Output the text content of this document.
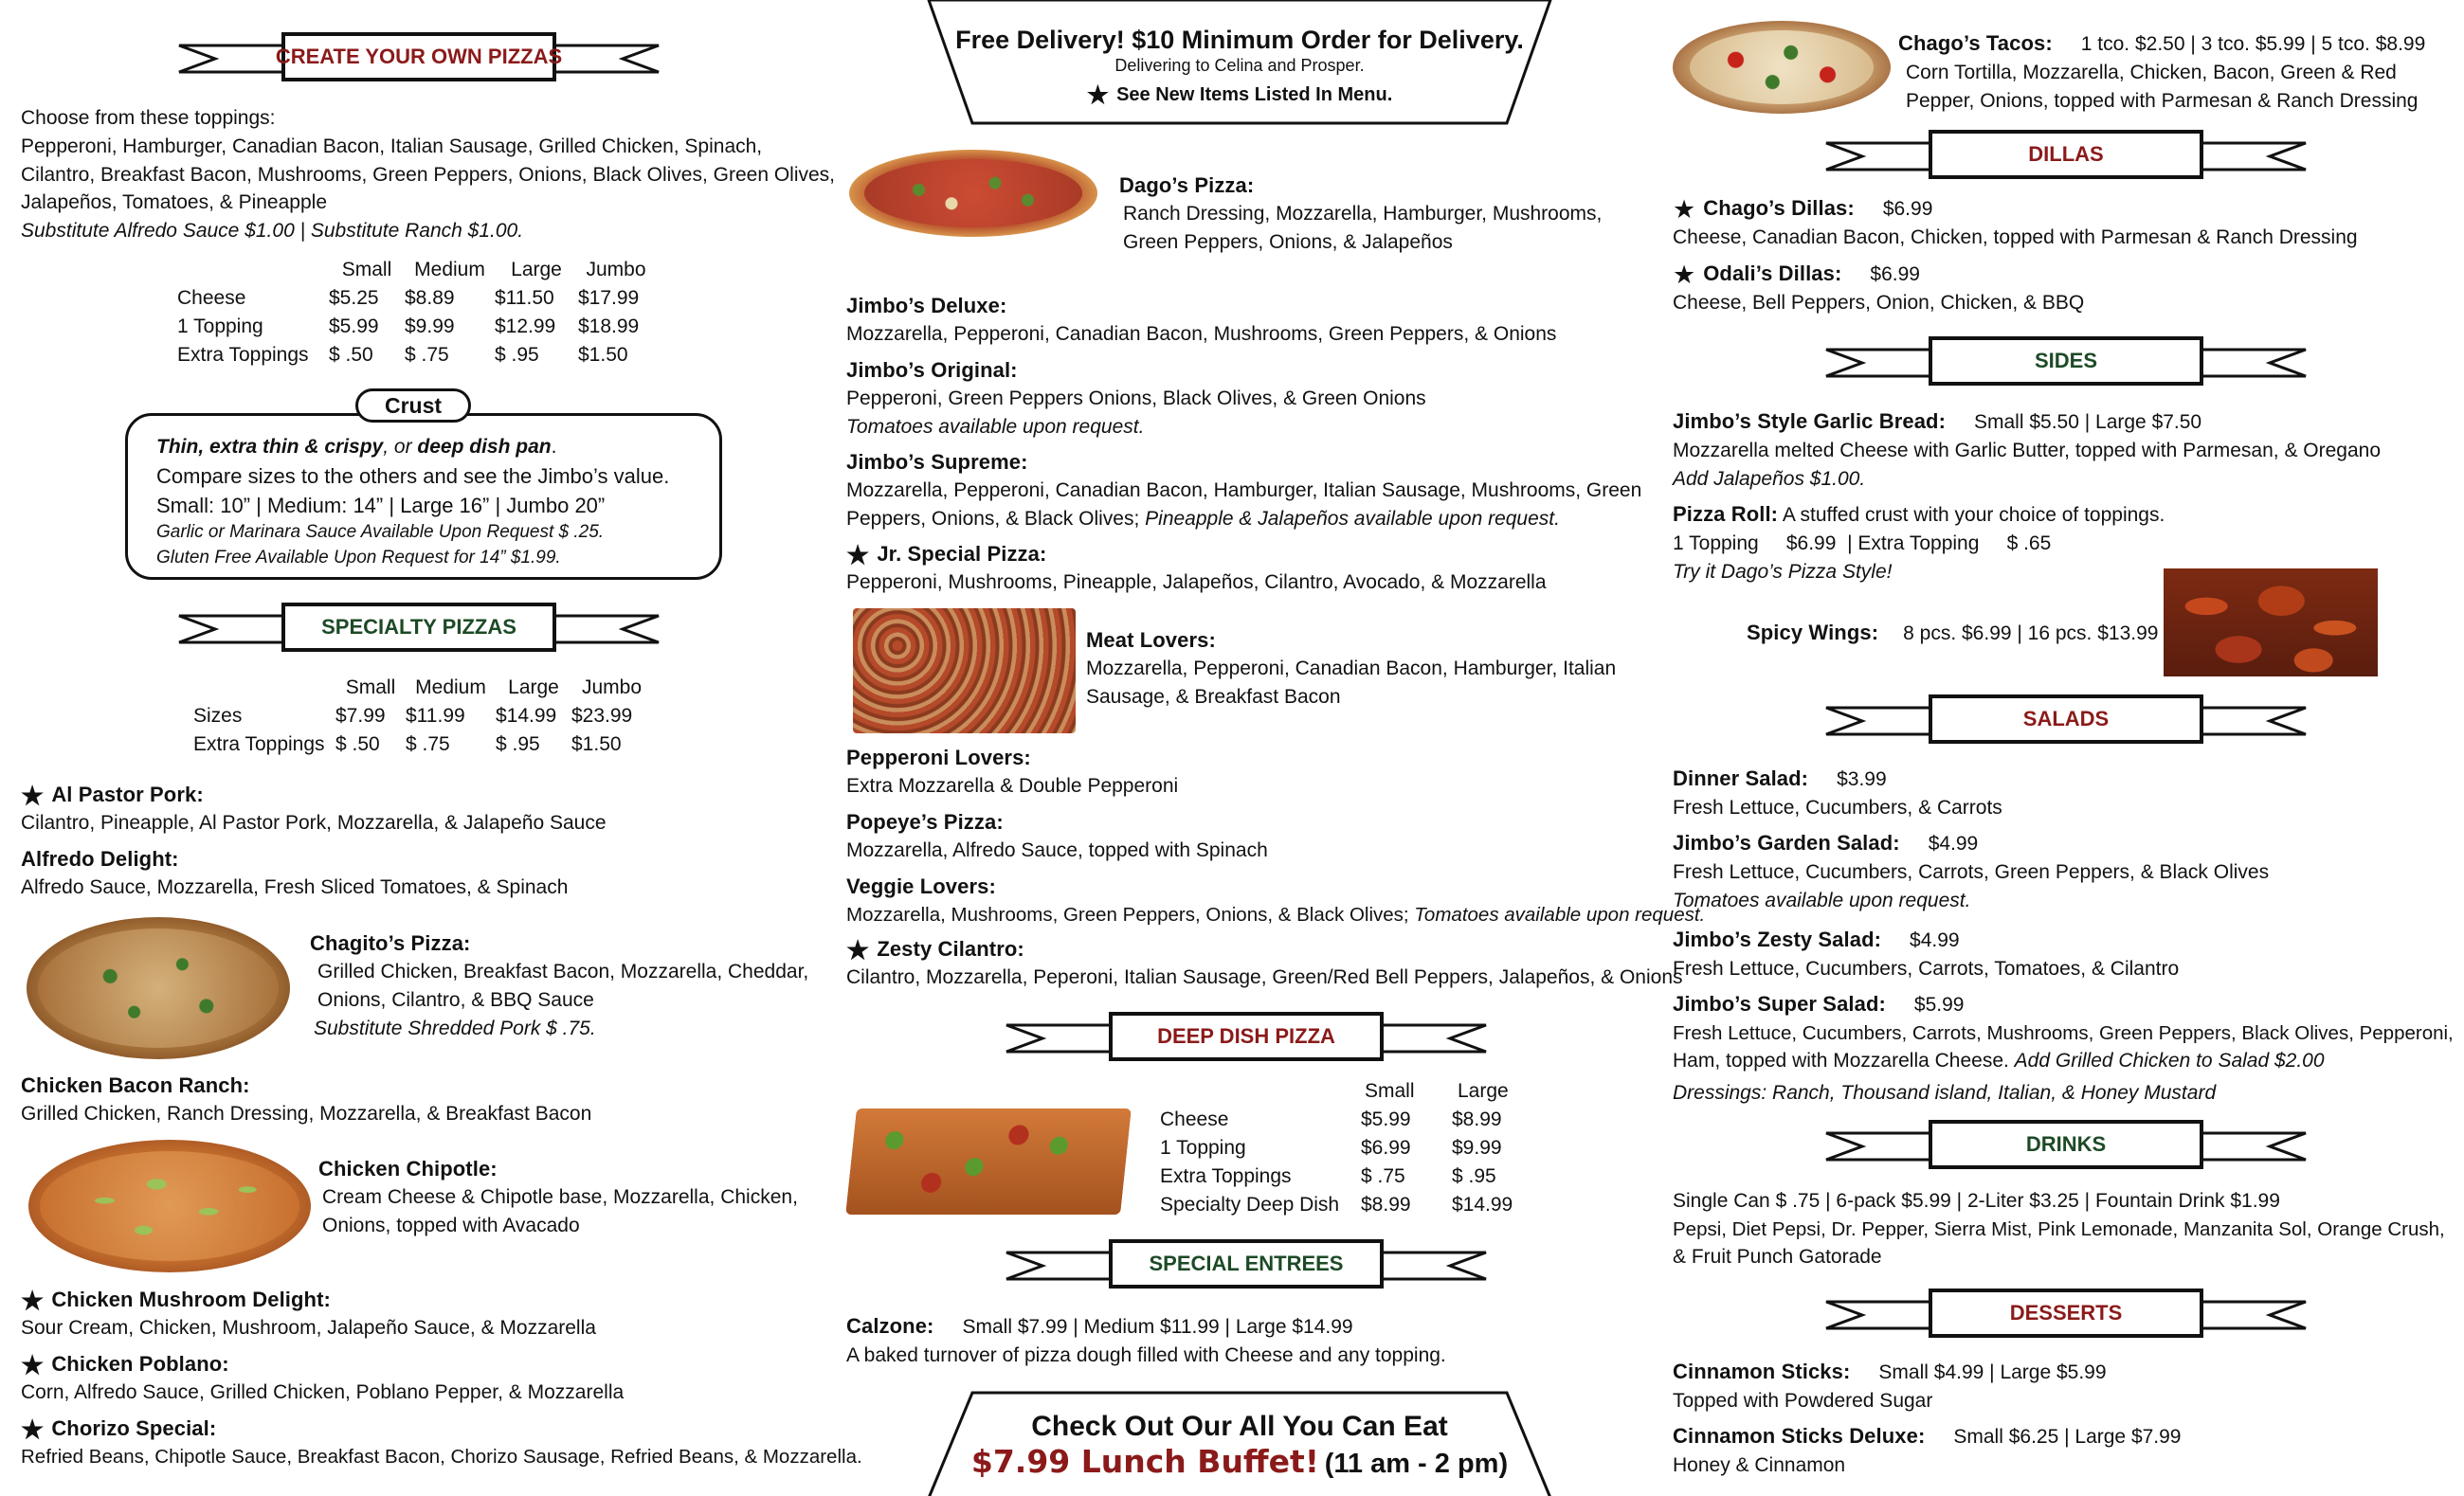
CREATE YOUR OWN PIZZAS
Choose from these toppings:
Pepperoni, Hamburger, Canadian Bacon, Italian Sausage, Grilled Chicken, Spinach,
Cilantro, Breakfast Bacon, Mushrooms, Green Peppers, Onions, Black Olives, Green Olives,
Jalapeños, Tomatoes, & Pineapple
Substitute Alfredo Sauce $1.00 | Substitute Ranch $1.00.
	Small	Medium	Large	Jumbo
Cheese	$5.25	$8.89	$11.50	$17.99
1 Topping	$5.99	$9.99	$12.99	$18.99
Extra Toppings	$ .50	$ .75	$ .95	$1.50
Thin, extra thin & crispy, or deep dish pan.
Compare sizes to the others and see the Jimbo’s value.
Small: 10” | Medium: 14” | Large 16” | Jumbo 20”
Garlic or Marinara Sauce Available Upon Request $ .25.
Gluten Free Available Upon Request for 14” $1.99.
Crust
SPECIALTY PIZZAS
	Small	Medium	Large	Jumbo
Sizes	$7.99	$11.99	$14.99	$23.99
Extra Toppings	$ .50	$ .75	$ .95	$1.50
★ Al Pastor Pork:
Cilantro, Pineapple, Al Pastor Pork, Mozzarella, & Jalapeño Sauce
Alfredo Delight:
Alfredo Sauce, Mozzarella, Fresh Sliced Tomatoes, & Spinach
Chagito’s Pizza:
Grilled Chicken, Breakfast Bacon, Mozzarella, Cheddar,
Onions, Cilantro, & BBQ Sauce
Substitute Shredded Pork $ .75.
Chicken Bacon Ranch:
Grilled Chicken, Ranch Dressing, Mozzarella, & Breakfast Bacon
Chicken Chipotle:
Cream Cheese & Chipotle base, Mozzarella, Chicken,
Onions, topped with Avacado
★ Chicken Mushroom Delight:
Sour Cream, Chicken, Mushroom, Jalapeño Sauce, & Mozzarella
★ Chicken Poblano:
Corn, Alfredo Sauce, Grilled Chicken, Poblano Pepper, & Mozzarella
★ Chorizo Special:
Refried Beans, Chipotle Sauce, Breakfast Bacon, Chorizo Sausage, Refried Beans, & Mozzarella.
Free Delivery! $10 Minimum Order for Delivery.
Delivering to Celina and Prosper.
★ See New Items Listed In Menu.
Dago’s Pizza:
Ranch Dressing, Mozzarella, Hamburger, Mushrooms,
Green Peppers, Onions, & Jalapeños
Jimbo’s Deluxe:
Mozzarella, Pepperoni, Canadian Bacon, Mushrooms, Green Peppers, & Onions
Jimbo’s Original:
Pepperoni, Green Peppers Onions, Black Olives, & Green Onions
Tomatoes available upon request.
Jimbo’s Supreme:
Mozzarella, Pepperoni, Canadian Bacon, Hamburger, Italian Sausage, Mushrooms, Green
Peppers, Onions, & Black Olives; Pineapple & Jalapeños available upon request.
★ Jr. Special Pizza:
Pepperoni, Mushrooms, Pineapple, Jalapeños, Cilantro, Avocado, & Mozzarella
Meat Lovers:
Mozzarella, Pepperoni, Canadian Bacon, Hamburger, Italian
Sausage, & Breakfast Bacon
Pepperoni Lovers:
Extra Mozzarella & Double Pepperoni
Popeye’s Pizza:
Mozzarella, Alfredo Sauce, topped with Spinach
Veggie Lovers:
Mozzarella, Mushrooms, Green Peppers, Onions, & Black Olives; Tomatoes available upon request.
★ Zesty Cilantro:
Cilantro, Mozzarella, Peperoni, Italian Sausage, Green/Red Bell Peppers, Jalapeños, & Onions
DEEP DISH PIZZA
	Small	Large
Cheese	$5.99	$8.99
1 Topping	$6.99	$9.99
Extra Toppings	$ .75	$ .95
Specialty Deep Dish	$8.99	$14.99
SPECIAL ENTREES
Calzone: Small $7.99 | Medium $11.99 | Large $14.99
A baked turnover of pizza dough filled with Cheese and any topping.
Check Out Our All You Can Eat
$7.99 Lunch Buffet! (11 am - 2 pm)
Chago’s Tacos: 1 tco. $2.50 | 3 tco. $5.99 | 5 tco. $8.99
Corn Tortilla, Mozzarella, Chicken, Bacon, Green & Red
Pepper, Onions, topped with Parmesan & Ranch Dressing
DILLAS
★ Chago’s Dillas: $6.99
Cheese, Canadian Bacon, Chicken, topped with Parmesan & Ranch Dressing
★ Odali’s Dillas: $6.99
Cheese, Bell Peppers, Onion, Chicken, & BBQ
SIDES
Jimbo’s Style Garlic Bread: Small $5.50 | Large $7.50
Mozzarella melted Cheese with Garlic Butter, topped with Parmesan, & Oregano
Add Jalapeños $1.00.
Pizza Roll: A stuffed crust with your choice of toppings.
1 Topping     $6.99  | Extra Topping     $ .65
Try it Dago’s Pizza Style!
Spicy Wings: 8 pcs. $6.99 | 16 pcs. $13.99
SALADS
Dinner Salad: $3.99
Fresh Lettuce, Cucumbers, & Carrots
Jimbo’s Garden Salad: $4.99
Fresh Lettuce, Cucumbers, Carrots, Green Peppers, & Black Olives
Tomatoes available upon request.
Jimbo’s Zesty Salad: $4.99
Fresh Lettuce, Cucumbers, Carrots, Tomatoes, & Cilantro
Jimbo’s Super Salad: $5.99
Fresh Lettuce, Cucumbers, Carrots, Mushrooms, Green Peppers, Black Olives, Pepperoni,
Ham, topped with Mozzarella Cheese. Add Grilled Chicken to Salad $2.00
Dressings: Ranch, Thousand island, Italian, & Honey Mustard
DRINKS
Single Can $ .75 | 6-pack $5.99 | 2-Liter $3.25 | Fountain Drink $1.99
Pepsi, Diet Pepsi, Dr. Pepper, Sierra Mist, Pink Lemonade, Manzanita Sol, Orange Crush,
& Fruit Punch Gatorade
DESSERTS
Cinnamon Sticks: Small $4.99 | Large $5.99
Topped with Powdered Sugar
Cinnamon Sticks Deluxe: Small $6.25 | Large $7.99
Honey & Cinnamon
